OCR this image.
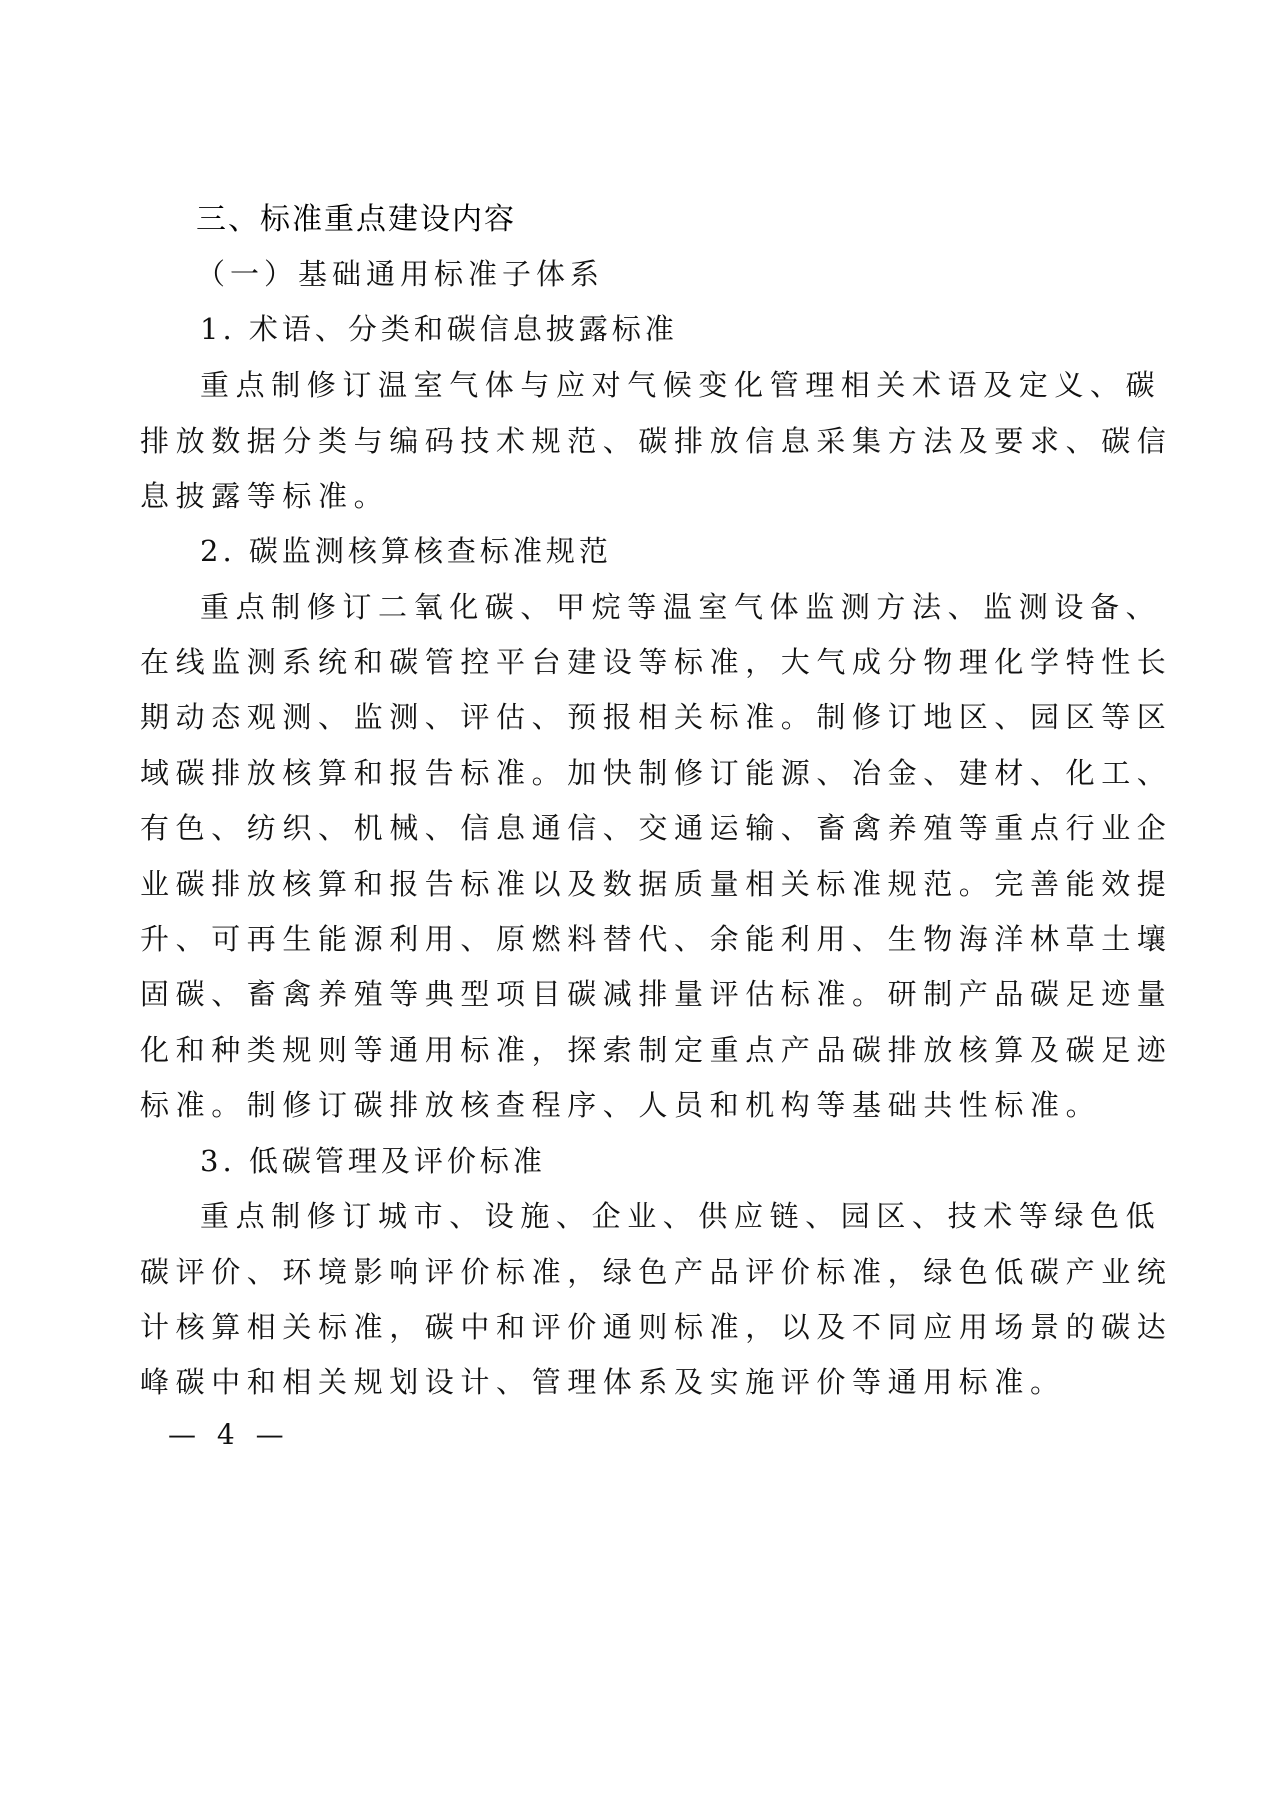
三、标准重点建设内容
（一）基础通用标准子体系
1. 术语、分类和碳信息披露标准
重点制修订温室气体与应对气候变化管理相关术语及定义、碳
排放数据分类与编码技术规范、碳排放信息采集方法及要求、碳信
息披露等标准。
2. 碳监测核算核查标准规范
重点制修订二氧化碳、甲烷等温室气体监测方法、监测设备、
在线监测系统和碳管控平台建设等标准，大气成分物理化学特性长
期动态观测、监测、评估、预报相关标准。制修订地区、园区等区
域碳排放核算和报告标准。加快制修订能源、冶金、建材、化工、
有色、纺织、机械、信息通信、交通运输、畜禽养殖等重点行业企
业碳排放核算和报告标准以及数据质量相关标准规范。完善能效提
升、可再生能源利用、原燃料替代、余能利用、生物海洋林草土壤
固碳、畜禽养殖等典型项目碳减排量评估标准。研制产品碳足迹量
化和种类规则等通用标准，探索制定重点产品碳排放核算及碳足迹
标准。制修订碳排放核查程序、人员和机构等基础共性标准。
3. 低碳管理及评价标准
重点制修订城市、设施、企业、供应链、园区、技术等绿色低
碳评价、环境影响评价标准，绿色产品评价标准，绿色低碳产业统
计核算相关标准，碳中和评价通则标准，以及不同应用场景的碳达
峰碳中和相关规划设计、管理体系及实施评价等通用标准。
— 4 —
